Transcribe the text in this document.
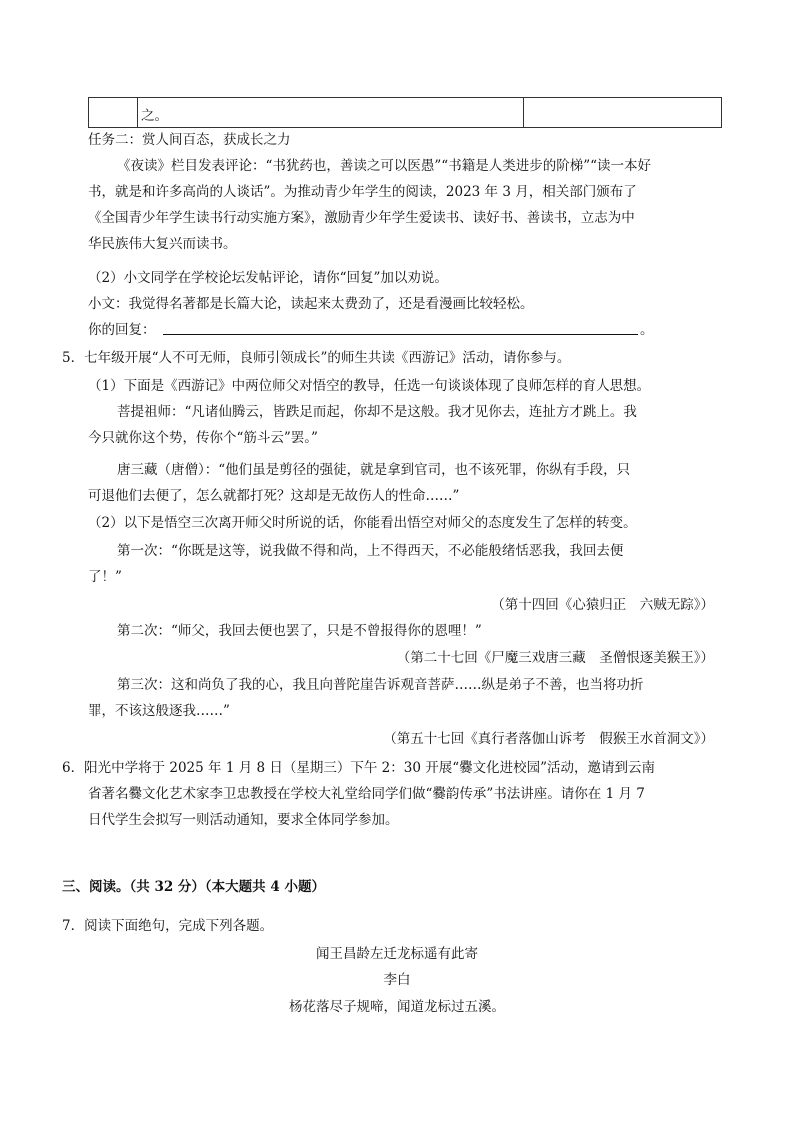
之。
任务二：赏人间百态，获成长之力
《夜读》栏目发表评论：“书犹药也，善读之可以医愚”“书籍是人类进步的阶梯”“读一本好
书，就是和许多高尚的人谈话”。为推动青少年学生的阅读，2023 年 3 月，相关部门颁布了
《全国青少年学生读书行动实施方案》，激励青少年学生爱读书、读好书、善读书，立志为中
华民族伟大复兴而读书。
（2）小文同学在学校论坛发帖评论，请你“回复”加以劝说。
小文：我觉得名著都是长篇大论，读起来太费劲了，还是看漫画比较轻松。
你的回复：	。
5．七年级开展“人不可无师，良师引领成长”的师生共读《西游记》活动，请你参与。
（1）下面是《西游记》中两位师父对悟空的教导，任选一句谈谈体现了良师怎样的育人思想。
菩提祖师：“凡诸仙腾云，皆跌足而起，你却不是这般。我才见你去，连扯方才跳上。我
今只就你这个势，传你个“筋斗云”罢。”
唐三藏（唐僧）：“他们虽是剪径的强徒，就是拿到官司，也不该死罪，你纵有手段，只
可退他们去便了，怎么就都打死？这却是无故伤人的性命……”
（2）以下是悟空三次离开师父时所说的话，你能看出悟空对师父的态度发生了怎样的转变。
第一次：“你既是这等，说我做不得和尚，上不得西天，不必能般绪恬恶我，我回去便
了！”
（第十四回《心猿归正　六贼无踪》）
第二次：“师父，我回去便也罢了，只是不曾报得你的恩哩！”
（第二十七回《尸魔三戏唐三藏　圣僧恨逐美猴王》）
第三次：这和尚负了我的心，我且向普陀崖告诉观音菩萨……纵是弟子不善，也当将功折
罪，不该这般逐我……”
（第五十七回《真行者落伽山诉考　假猴王水首洞文》）
6．阳光中学将于 2025 年 1 月 8 日（星期三）下午 2：30 开展“爨文化进校园”活动，邀请到云南
省著名爨文化艺术家李卫忠教授在学校大礼堂给同学们做“爨韵传承”书法讲座。请你在 1 月 7
日代学生会拟写一则活动通知，要求全体同学参加。
三、阅读。（共 32 分）（本大题共 4 小题）
7．阅读下面绝句，完成下列各题。
闻王昌龄左迁龙标遥有此寄
李白
杨花落尽子规啼，闻道龙标过五溪。
